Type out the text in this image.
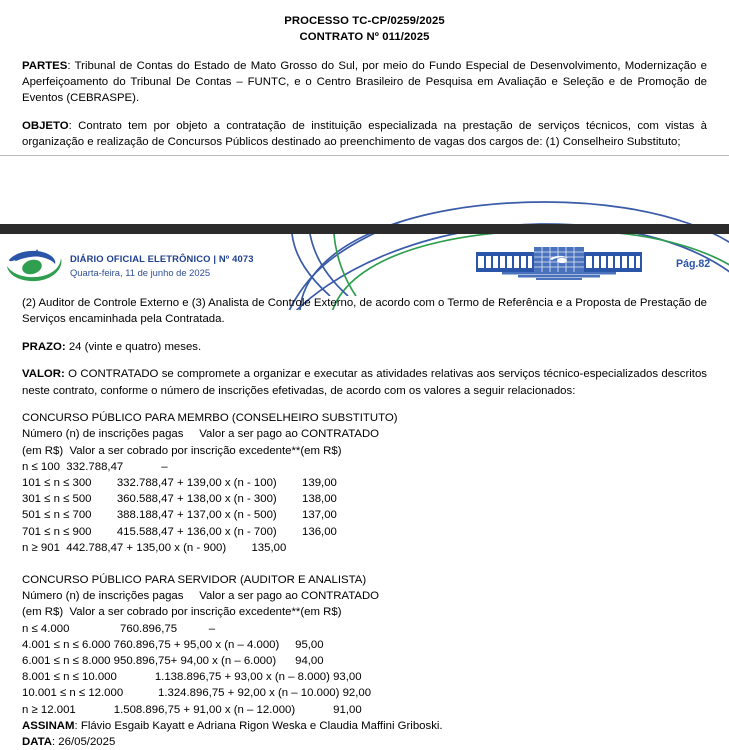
PROCESSO TC-CP/0259/2025
CONTRATO Nº 011/2025

PARTES: Tribunal de Contas do Estado de Mato Grosso do Sul, por meio do Fundo Especial de Desenvolvimento, Modernização e Aperfeiçoamento do Tribunal De Contas – FUNTC, e o Centro Brasileiro de Pesquisa em Avaliação e Seleção e de Promoção de Eventos (CEBRASPE).

OBJETO: Contrato tem por objeto a contratação de instituição especializada na prestação de serviços técnicos, com vistas à organização e realização de Concursos Públicos destinado ao preenchimento de vagas dos cargos de: (1) Conselheiro Substituto;

DIÁRIO OFICIAL ELETRÔNICO | Nº 4073
Quarta-feira, 11 de junho de 2025
Pág.82

(2) Auditor de Controle Externo e (3) Analista de Controle Externo, de acordo com o Termo de Referência e a Proposta de Prestação de Serviços encaminhada pela Contratada.

PRAZO: 24 (vinte e quatro) meses.

VALOR: O CONTRATADO se compromete a organizar e executar as atividades relativas aos serviços técnico-especializados descritos neste contrato, conforme o número de inscrições efetivadas, de acordo com os valores a seguir relacionados:

CONCURSO PÚBLICO PARA MEMRBO (CONSELHEIRO SUBSTITUTO)
Número (n) de inscrições pagas     Valor a ser pago ao CONTRATADO
(em R$)  Valor a ser cobrado por inscrição excedente**(em R$)
n ≤ 100  332.788,47            –
101 ≤ n ≤ 300        332.788,47 + 139,00 x (n - 100)        139,00
301 ≤ n ≤ 500        360.588,47 + 138,00 x (n - 300)        138,00
501 ≤ n ≤ 700        388.188,47 + 137,00 x (n - 500)        137,00
701 ≤ n ≤ 900        415.588,47 + 136,00 x (n - 700)        136,00
n ≥ 901  442.788,47 + 135,00 x (n - 900)        135,00
CONCURSO PÚBLICO PARA SERVIDOR (AUDITOR E ANALISTA)
Número (n) de inscrições pagas     Valor a ser pago ao CONTRATADO
(em R$)  Valor a ser cobrado por inscrição excedente**(em R$)
n ≤ 4.000                760.896,75          –
4.001 ≤ n ≤ 6.000 760.896,75 + 95,00 x (n – 4.000)     95,00
6.001 ≤ n ≤ 8.000 950.896,75+ 94,00 x (n – 6.000)      94,00
8.001 ≤ n ≤ 10.000            1.138.896,75 + 93,00 x (n – 8.000) 93,00
10.001 ≤ n ≤ 12.000           1.324.896,75 + 92,00 x (n – 10.000) 92,00
n ≥ 12.001            1.508.896,75 + 91,00 x (n – 12.000)            91,00
ASSINAM: Flávio Esgaib Kayatt e Adriana Rigon Weska e Claudia Maffini Griboski.
DATA: 26/05/2025
